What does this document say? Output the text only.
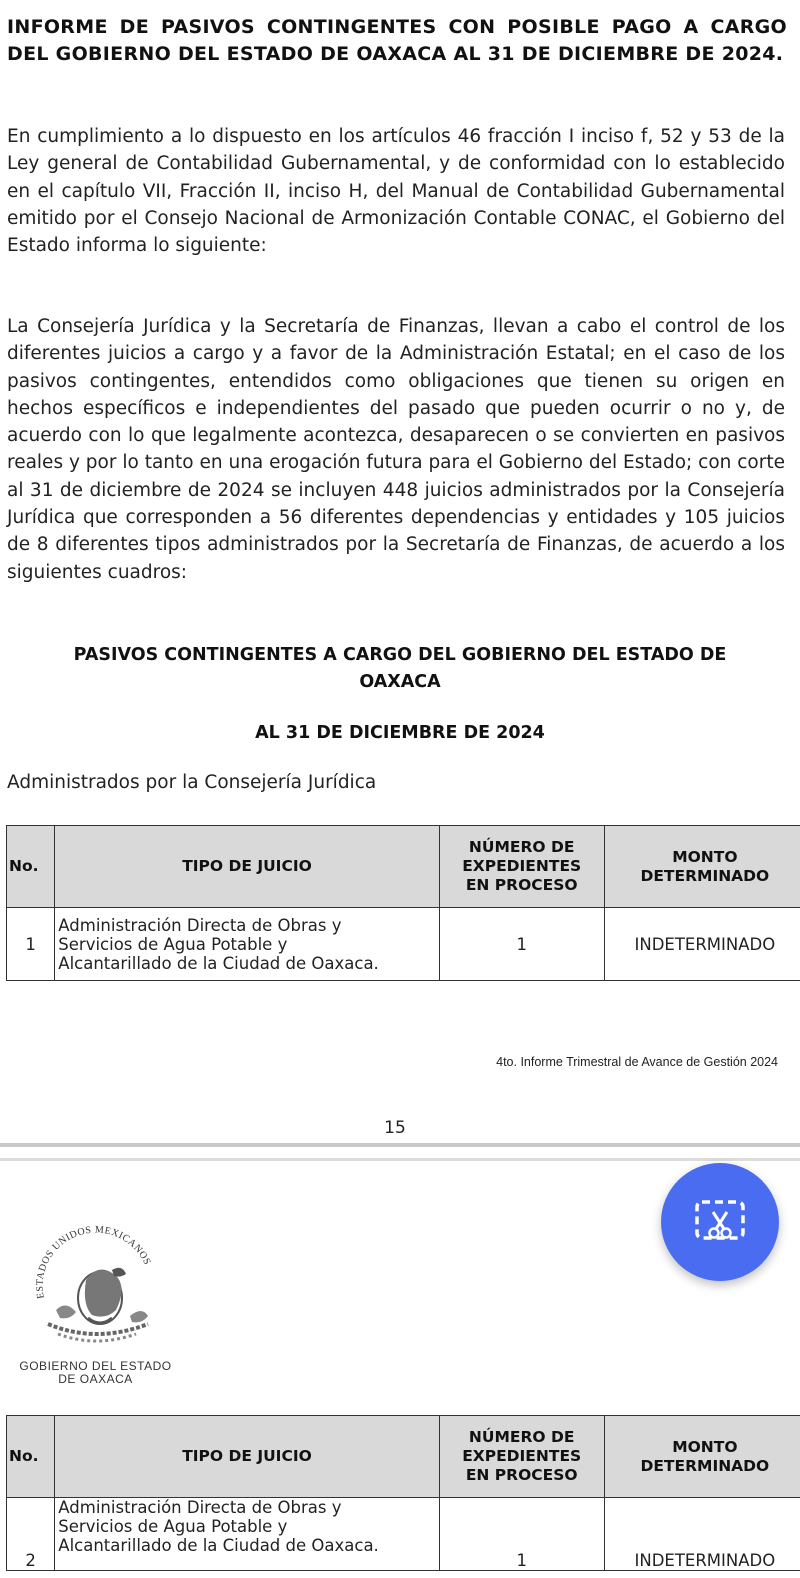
INFORME DE PASIVOS CONTINGENTES CON POSIBLE PAGO A CARGO DEL GOBIERNO DEL ESTADO DE OAXACA AL 31 DE DICIEMBRE DE 2024.
En cumplimiento a lo dispuesto en los artículos 46 fracción I inciso f, 52 y 53 de la Ley general de Contabilidad Gubernamental, y de conformidad con lo establecido en el capítulo VII, Fracción II, inciso H, del Manual de Contabilidad Gubernamental emitido por el Consejo Nacional de Armonización Contable CONAC, el Gobierno del Estado informa lo siguiente:
La Consejería Jurídica y la Secretaría de Finanzas, llevan a cabo el control de los diferentes juicios a cargo y a favor de la Administración Estatal; en el caso de los pasivos contingentes, entendidos como obligaciones que tienen su origen en hechos específicos e independientes del pasado que pueden ocurrir o no y, de acuerdo con lo que legalmente acontezca, desaparecen o se convierten en pasivos reales y por lo tanto en una erogación futura para el Gobierno del Estado; con corte al 31 de diciembre de 2024 se incluyen 448 juicios administrados por la Consejería Jurídica que corresponden a 56 diferentes dependencias y entidades y 105 juicios de 8 diferentes tipos administrados por la Secretaría de Finanzas, de acuerdo a los siguientes cuadros:
PASIVOS CONTINGENTES A CARGO DEL GOBIERNO DEL ESTADO DE
OAXACA
AL 31 DE DICIEMBRE DE 2024
Administrados por la Consejería Jurídica
No.	TIPO DE JUICIO	NÚMERO DE
EXPEDIENTES
EN PROCESO	MONTO
DETERMINADO
1	Administración Directa de Obras y
Servicios de Agua Potable y
Alcantarillado de la Ciudad de Oaxaca.	1	INDETERMINADO
4to. Informe Trimestral de Avance de Gestión 2024
15
ESTADOS UNIDOS MEXICANOS
GOBIERNO DEL ESTADO
DE OAXACA
No.	TIPO DE JUICIO	NÚMERO DE
EXPEDIENTES
EN PROCESO	MONTO
DETERMINADO
2	Administración Directa de Obras y
Servicios de Agua Potable y
Alcantarillado de la Ciudad de Oaxaca.	1	INDETERMINADO
